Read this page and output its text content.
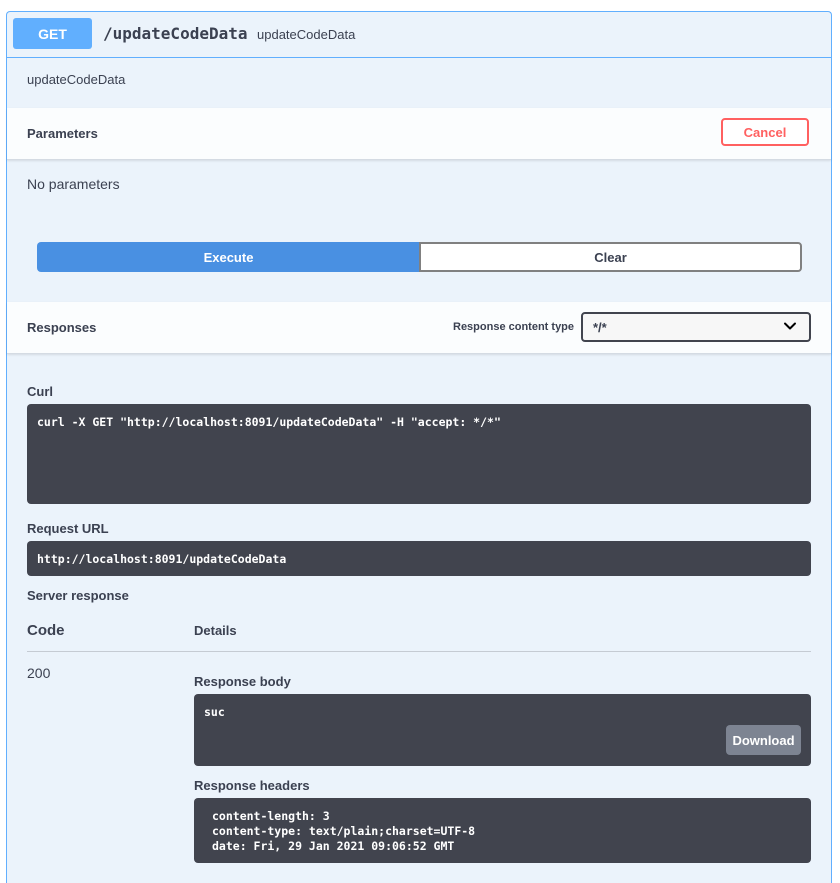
GET	/updateCodeData updateCodeData
updateCodeData
Parameters	Cancel
No parameters
Execute	Clear
Responses	Response content type */*
Curl
curl -X GET "http://localhost:8091/updateCodeData" -H "accept: */*"
Request URL
http://localhost:8091/updateCodeData
Server response
Code	Details
200
Response body
suc
Download
Response headers
content-length: 3
content-type: text/plain;charset=UTF-8
date: Fri, 29 Jan 2021 09:06:52 GMT
